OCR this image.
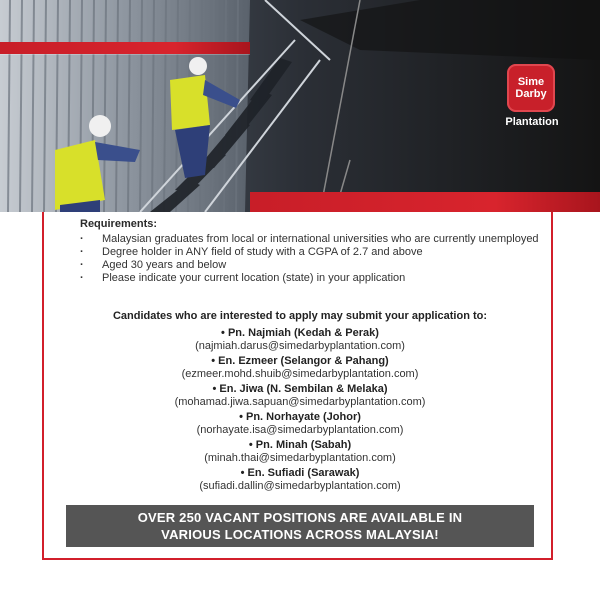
Sime
Darby
Plantation
Requirements:
· Malaysian graduates from local or international universities who are currently unemployed
· Degree holder in ANY field of study with a CGPA of 2.7 and above
· Aged 30 years and below
· Please indicate your current location (state) in your application
Candidates who are interested to apply may submit your application to:
• Pn. Najmiah (Kedah & Perak)
(najmiah.darus@simedarbyplantation.com)
• En. Ezmeer (Selangor & Pahang)
(ezmeer.mohd.shuib@simedarbyplantation.com)
• En. Jiwa (N. Sembilan & Melaka)
(mohamad.jiwa.sapuan@simedarbyplantation.com)
• Pn. Norhayate (Johor)
(norhayate.isa@simedarbyplantation.com)
• Pn. Minah (Sabah)
(minah.thai@simedarbyplantation.com)
• En. Sufiadi (Sarawak)
(sufiadi.dallin@simedarbyplantation.com)
OVER 250 VACANT POSITIONS ARE AVAILABLE IN
VARIOUS LOCATIONS ACROSS MALAYSIA!
